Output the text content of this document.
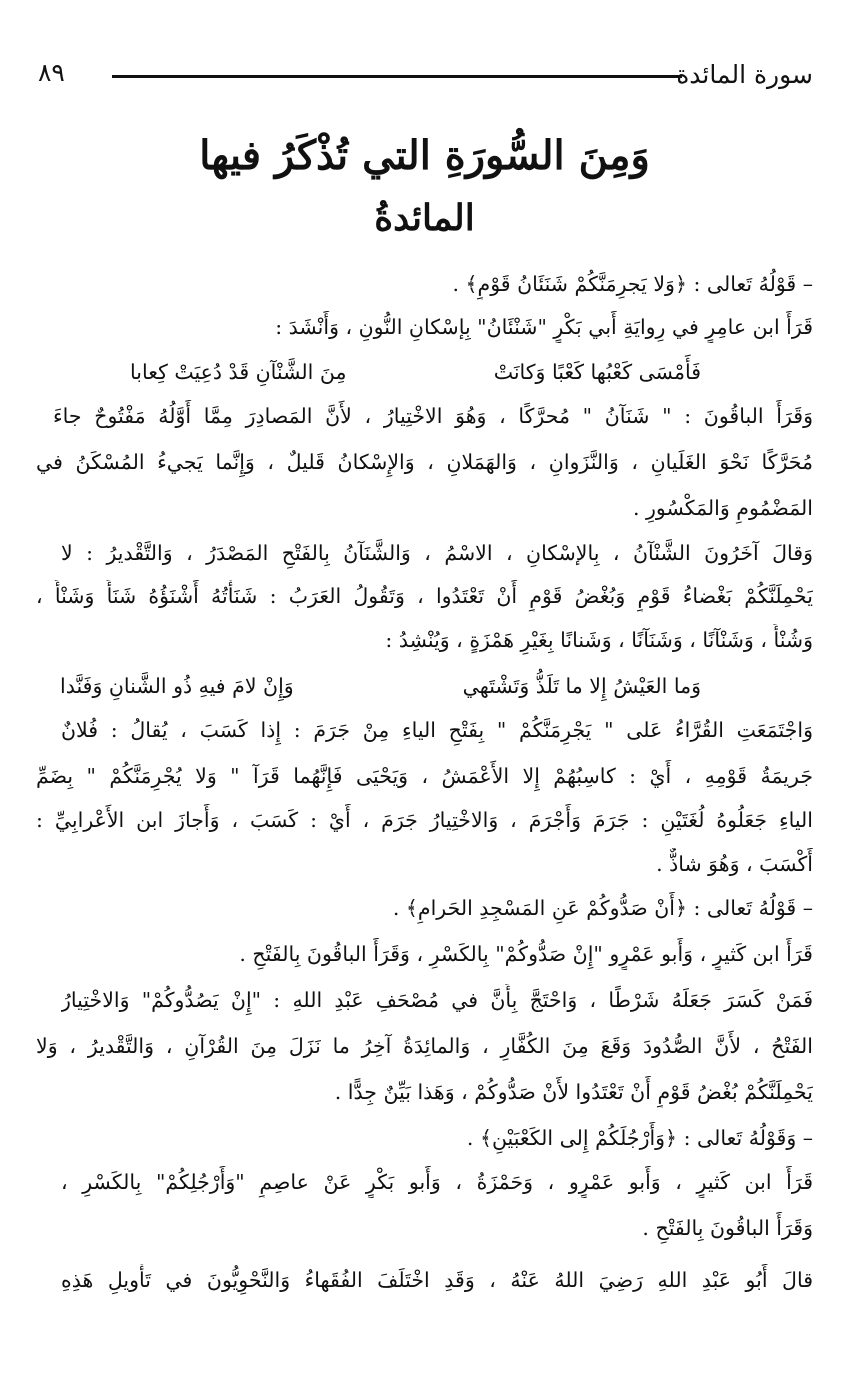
٨٩	سورة المائدة
وَمِنَ السُّورَةِ التي تُذْكَرُ فيها
المائدةُ
– قَوْلُهُ تَعالى : ﴿وَلا يَجرِمَنَّكُمْ شَنَئَانُ قَوْمٍ﴾ .
قَرَأَ ابن عامِرٍ في رِوايَةِ أَبي بَكْرٍ "شَنْئَانُ" بِإسْكانِ النُّونِ ، وَأَنْشَدَ :
فَأَمْسَى كَعْبُها كَعْبًا وَكانَتْ
مِنَ الشَّنْآنِ قَدْ دُعِيَتْ كِعابا
وَقَرَأَ الباقُونَ : " شَنَآنُ " مُحرَّكًا ، وَهُوَ الاخْتِيارُ ، لأَنَّ المَصادِرَ مِمَّا أَوَّلُهُ مَفْتُوحٌ جاءَ
مُحَرَّكًا نَحْوَ الغَلَيانِ ، وَالنَّزَوانِ ، وَالهَمَلانِ ، وَالإِسْكانُ قَليلٌ ، وَإِنَّما يَجيءُ المُسْكَنُ في
المَضْمُومِ وَالمَكْسُورِ .
وَقالَ آخَرُونَ الشَّنْآنُ ، بِالإسْكانِ ، الاسْمُ ، وَالشَّنَآنُ بِالفَتْحِ المَصْدَرُ ، وَالتَّقْديرُ : لا
يَحْمِلَنَّكُمْ بَغْضاءُ قَوْمٍ وَبُغْضُ قَوْمٍ أَنْ تَعْتَدُوا ، وَتَقُولُ العَرَبُ : شَنَأْتُهُ أَشْنَؤُهُ شَنَأً وَشَنْأً ،
وَشُنْأً ، وَشَنْآنًا ، وَشَنَآنًا ، وَشَنانًا بِغَيْرِ هَمْزَةٍ ، وَيُنْشِدُ :
وَما العَيْشُ إِلا ما تَلَذُّ وَتَشْتَهي
وَإِنْ لامَ فيهِ ذُو الشَّنانِ وَفَنَّدا
وَاجْتَمَعَتِ القُرَّاءُ عَلى " يَجْرِمَنَّكُمْ " بِفَتْحِ الياءِ مِنْ جَرَمَ : إِذا كَسَبَ ، يُقالُ : فُلانٌ
جَريمَةُ قَوْمِهِ ، أَيْ : كاسِبُهُمْ إِلا الأَعْمَشُ ، وَيَحْيَى فَإِنَّهُما قَرَآ " وَلا يُجْرِمَنَّكُمْ " بِضَمِّ
الياءِ جَعَلُوهُ لُغَتَيْنِ : جَرَمَ وَأَجْرَمَ ، وَالاخْتِيارُ جَرَمَ ، أَيْ : كَسَبَ ، وَأَجازَ ابن الأَعْرابِيِّ :
أَكْسَبَ ، وَهُوَ شاذٌّ .
– قَوْلُهُ تَعالى : ﴿أَنْ صَدُّوكُمْ عَنِ المَسْجِدِ الحَرامِ﴾ .
قَرَأَ ابن كَثيرٍ ، وَأَبو عَمْرٍو "إِنْ صَدُّوكُمْ" بِالكَسْرِ ، وَقَرَأَ الباقُونَ بِالفَتْحِ .
فَمَنْ كَسَرَ جَعَلَهُ شَرْطًا ، وَاحْتَجَّ بِأَنَّ في مُصْحَفِ عَبْدِ اللهِ : "إِنْ يَصُدُّوكُمْ" وَالاخْتِيارُ
الفَتْحُ ، لأَنَّ الصُّدُودَ وَقَعَ مِنَ الكُفَّارِ ، وَالمائِدَةُ آخِرُ ما نَزَلَ مِنَ القُرْآنِ ، وَالتَّقْديرُ ، وَلا
يَحْمِلَنَّكُمْ بُغْضُ قَوْمٍ أَنْ تَعْتَدُوا لأَنْ صَدُّوكُمْ ، وَهَذا بَيِّنٌ جِدًّا .
– وَقَوْلُهُ تَعالى : ﴿وَأَرْجُلَكُمْ إِلى الكَعْبَيْنِ﴾ .
قَرَأَ ابن كَثيرٍ ، وَأَبو عَمْرٍو ، وَحَمْزَةُ ، وَأَبو بَكْرٍ عَنْ عاصِمٍ "وَأَرْجُلِكُمْ" بِالكَسْرِ ،
وَقَرَأَ الباقُونَ بِالفَتْحِ .
قالَ أَبُو عَبْدِ اللهِ رَضِيَ اللهُ عَنْهُ ، وَقَدِ اخْتَلَفَ الفُقَهاءُ وَالنَّحْوِيُّونَ في تَأْويلِ هَذِهِ
